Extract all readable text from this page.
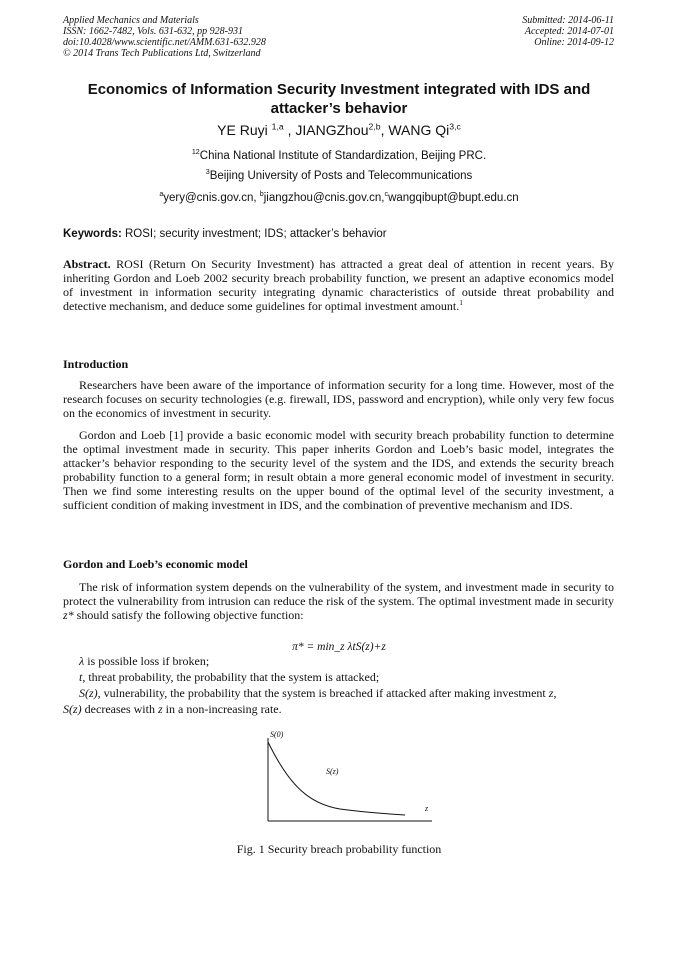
Applied Mechanics and Materials
ISSN: 1662-7482, Vols. 631-632, pp 928-931
doi:10.4028/www.scientific.net/AMM.631-632.928
© 2014 Trans Tech Publications Ltd, Switzerland
Submitted: 2014-06-11
Accepted: 2014-07-01
Online: 2014-09-12
Economics of Information Security Investment integrated with IDS and
attacker’s behavior
YE Ruyi $^{1,a}$ , JIANGZhou$^{2,b}$, WANG Qi$^{3,c}$
$^{12}$China National Institute of Standardization, Beijing PRC.
$^3$Beijing University of Posts and Telecommunications
$^a$yery@cnis.gov.cn, $^b$jiangzhou@cnis.gov.cn,$^c$wangqibupt@bupt.edu.cn
Keywords: ROSI; security investment; IDS; attacker’s behavior

Abstract. ROSI (Return On Security Investment) has attracted a great deal of attention in recent years. By inheriting Gordon and Loeb 2002 security breach probability function, we present an adaptive economics model of investment in information security integrating dynamic characteristics of outside threat probability and detective mechanism, and deduce some guidelines for optimal investment amount.$^1$

Introduction

Researchers have been aware of the importance of information security for a long time. However, most of the research focuses on security technologies (e.g. firewall, IDS, password and encryption), while only very few focus on the economics of investment in security.

Gordon and Loeb [1] provide a basic economic model with security breach probability function to determine the optimal investment made in security. This paper inherits Gordon and Loeb’s basic model, integrates the attacker’s behavior responding to the security level of the system and the IDS, and extends the security breach probability function to a general form; in result obtain a more general economic model of investment in security. Then we find some interesting results on the upper bound of the optimal level of the security investment, a sufficient condition of making investment in IDS, and the combination of preventive mechanism and IDS.

Gordon and Loeb’s economic model

The risk of information system depends on the vulnerability of the system, and investment made in security to protect the vulnerability from intrusion can reduce the risk of the system. The optimal investment made in security z* should satisfy the following objective function:

π* = min_z λtS(z)+z
λ is possible loss if broken;
t, threat probability, the probability that the system is attacked;
S(z), vulnerability, the probability that the system is breached if attacked after making investment z,
S(z) decreases with z in a non-increasing rate.
S(0)
S(z)
z
Fig. 1 Security breach probability function
